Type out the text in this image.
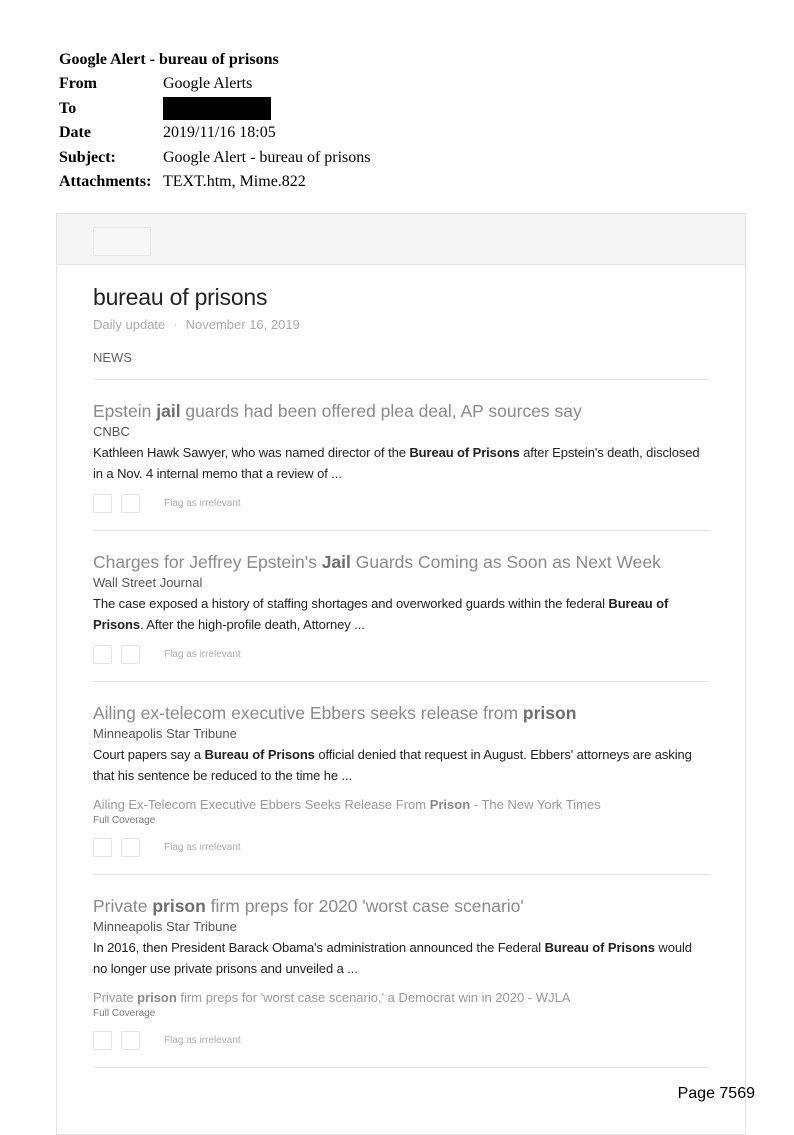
Google Alert - bureau of prisons
From	Google Alerts
To
Date	2019/11/16 18:05
Subject:	Google Alert - bureau of prisons
Attachments: TEXT.htm, Mime.822
bureau of prisons
Daily update · November 16, 2019
NEWS
Epstein jail guards had been offered plea deal, AP sources say
CNBC
Kathleen Hawk Sawyer, who was named director of the Bureau of Prisons after Epstein's death, disclosed in a Nov. 4 internal memo that a review of ...
Flag as irrelevant
Charges for Jeffrey Epstein's Jail Guards Coming as Soon as Next Week
Wall Street Journal
The case exposed a history of staffing shortages and overworked guards within the federal Bureau of Prisons. After the high-profile death, Attorney ...
Flag as irrelevant
Ailing ex-telecom executive Ebbers seeks release from prison
Minneapolis Star Tribune
Court papers say a Bureau of Prisons official denied that request in August. Ebbers' attorneys are asking that his sentence be reduced to the time he ...
Ailing Ex-Telecom Executive Ebbers Seeks Release From Prison - The New York Times
Full Coverage
Flag as irrelevant
Private prison firm preps for 2020 'worst case scenario'
Minneapolis Star Tribune
In 2016, then President Barack Obama's administration announced the Federal Bureau of Prisons would no longer use private prisons and unveiled a ...
Private prison firm preps for 'worst case scenario,' a Democrat win in 2020 - WJLA
Full Coverage
Flag as irrelevant
Page 7569
